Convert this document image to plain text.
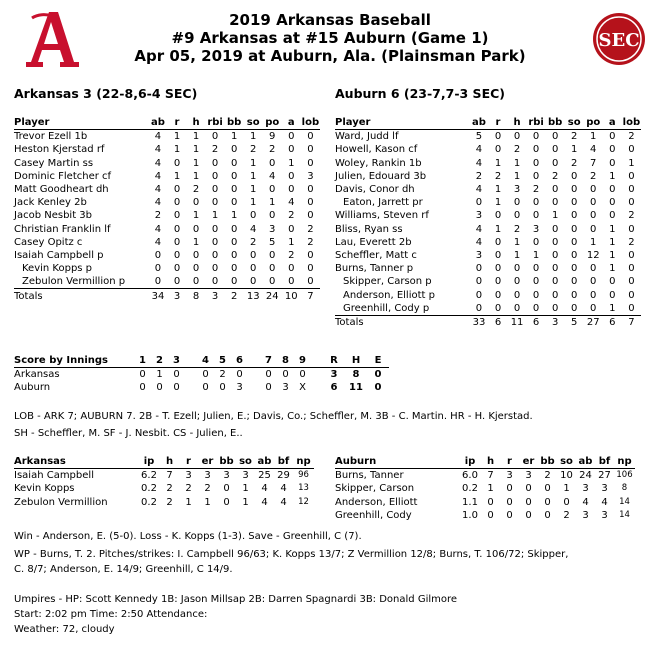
SEC
2019 Arkansas Baseball
#9 Arkansas at #15 Auburn (Game 1)
Apr 05, 2019 at Auburn, Ala. (Plainsman Park)
Arkansas 3 (22-8,6-4 SEC)	Auburn 6 (23-7,7-3 SEC)
Player	ab	r	h	rbi	bb	so	po	a	lob
Trevor Ezell 1b	4	1	1	0	1	1	9	0	0
Heston Kjerstad rf	4	1	1	2	0	2	2	0	0
Casey Martin ss	4	0	1	0	0	1	0	1	0
Dominic Fletcher cf	4	1	1	0	0	1	4	0	3
Matt Goodheart dh	4	0	2	0	0	1	0	0	0
Jack Kenley 2b	4	0	0	0	0	1	1	4	0
Jacob Nesbit 3b	2	0	1	1	1	0	0	2	0
Christian Franklin lf	4	0	0	0	0	4	3	0	2
Casey Opitz c	4	0	1	0	0	2	5	1	2
Isaiah Campbell p	0	0	0	0	0	0	0	2	0
Kevin Kopps p	0	0	0	0	0	0	0	0	0
Zebulon Vermillion p	0	0	0	0	0	0	0	0	0
Totals	34	3	8	3	2	13	24	10	7
Player	ab	r	h	rbi	bb	so	po	a	lob
Ward, Judd lf	5	0	0	0	0	2	1	0	2
Howell, Kason cf	4	0	2	0	0	1	4	0	0
Woley, Rankin 1b	4	1	1	0	0	2	7	0	1
Julien, Edouard 3b	2	2	1	0	2	0	2	1	0
Davis, Conor dh	4	1	3	2	0	0	0	0	0
Eaton, Jarrett pr	0	1	0	0	0	0	0	0	0
Williams, Steven rf	3	0	0	0	1	0	0	0	2
Bliss, Ryan ss	4	1	2	3	0	0	0	1	0
Lau, Everett 2b	4	0	1	0	0	0	1	1	2
Scheffler, Matt c	3	0	1	1	0	0	12	1	0
Burns, Tanner p	0	0	0	0	0	0	0	1	0
Skipper, Carson p	0	0	0	0	0	0	0	0	0
Anderson, Elliott p	0	0	0	0	0	0	0	0	0
Greenhill, Cody p	0	0	0	0	0	0	0	1	0
Totals	33	6	11	6	3	5	27	6	7
Score by Innings	1	2	3		4	5	6		7	8	9		R	H	E
Arkansas	0	1	0		0	2	0		0	0	0		3	8	0
Auburn	0	0	0		0	0	3		0	3	X		6	11	0
LOB - ARK 7; AUBURN 7. 2B - T. Ezell; Julien, E.; Davis, Co.; Scheffler, M. 3B - C. Martin. HR - H. Kjerstad.
SH - Scheffler, M. SF - J. Nesbit. CS - Julien, E..
Arkansas	ip	h	r	er	bb	so	ab	bf	np
Isaiah Campbell	6.2	7	3	3	3	3	25	29	96
Kevin Kopps	0.2	2	2	2	0	1	4	4	13
Zebulon Vermillion	0.2	2	1	1	0	1	4	4	12
Auburn	ip	h	r	er	bb	so	ab	bf	np
Burns, Tanner	6.0	7	3	3	2	10	24	27	106
Skipper, Carson	0.2	1	0	0	0	1	3	3	8
Anderson, Elliott	1.1	0	0	0	0	0	4	4	14
Greenhill, Cody	1.0	0	0	0	0	2	3	3	14
Win - Anderson, E. (5-0). Loss - K. Kopps (1-3). Save - Greenhill, C (7).
WP - Burns, T. 2. Pitches/strikes: I. Campbell 96/63; K. Kopps 13/7; Z Vermillion 12/8; Burns, T. 106/72; Skipper,
C. 8/7; Anderson, E. 14/9; Greenhill, C 14/9.
Umpires - HP: Scott Kennedy 1B: Jason Millsap 2B: Darren Spagnardi 3B: Donald Gilmore
Start: 2:02 pm Time: 2:50 Attendance:
Weather: 72, cloudy
